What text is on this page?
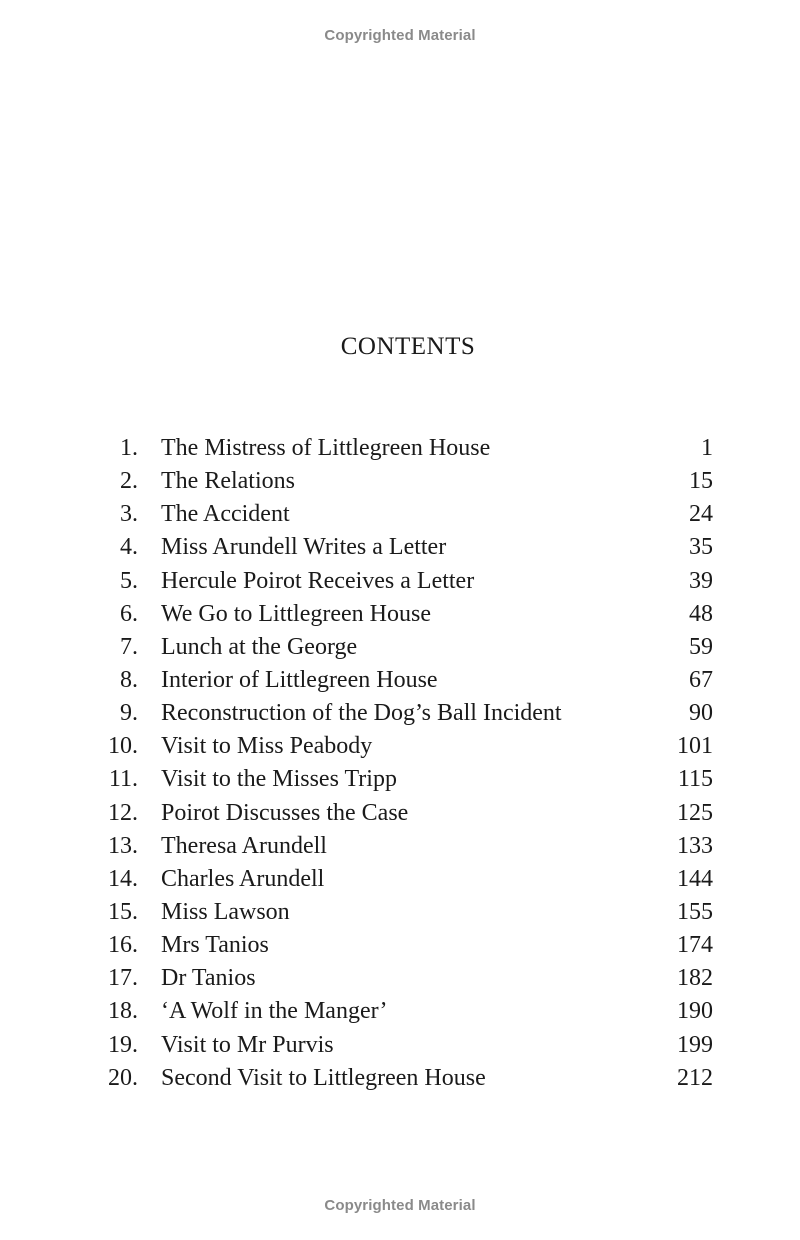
Copyrighted Material
CONTENTS
1. The Mistress of Littlegreen House	1
2. The Relations	15
3. The Accident	24
4. Miss Arundell Writes a Letter	35
5. Hercule Poirot Receives a Letter	39
6. We Go to Littlegreen House	48
7. Lunch at the George	59
8. Interior of Littlegreen House	67
9. Reconstruction of the Dog’s Ball Incident	90
10. Visit to Miss Peabody	101
11. Visit to the Misses Tripp	115
12. Poirot Discusses the Case	125
13. Theresa Arundell	133
14. Charles Arundell	144
15. Miss Lawson	155
16. Mrs Tanios	174
17. Dr Tanios	182
18. ‘A Wolf in the Manger’	190
19. Visit to Mr Purvis	199
20. Second Visit to Littlegreen House	212
Copyrighted Material
